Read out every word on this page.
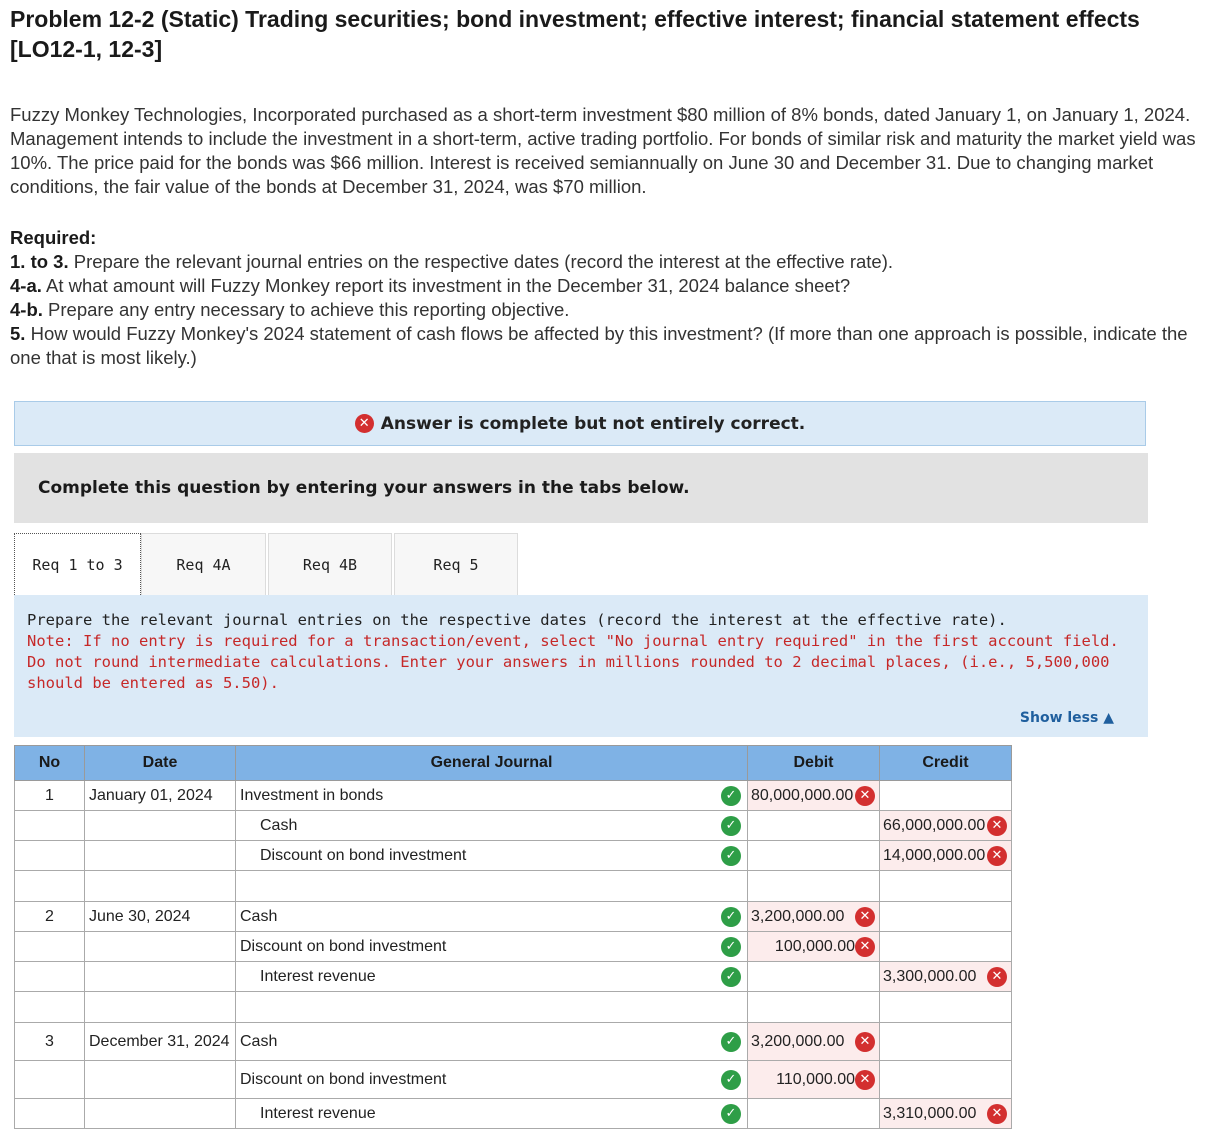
Problem 12-2 (Static) Trading securities; bond investment; effective interest; financial statement effects [LO12-1, 12-3]
Fuzzy Monkey Technologies, Incorporated purchased as a short-term investment $80 million of 8% bonds, dated January 1, on January 1, 2024. Management intends to include the investment in a short-term, active trading portfolio. For bonds of similar risk and maturity the market yield was 10%. The price paid for the bonds was $66 million. Interest is received semiannually on June 30 and December 31. Due to changing market conditions, the fair value of the bonds at December 31, 2024, was $70 million.
Required:
1. to 3. Prepare the relevant journal entries on the respective dates (record the interest at the effective rate).
4-a. At what amount will Fuzzy Monkey report its investment in the December 31, 2024 balance sheet?
4-b. Prepare any entry necessary to achieve this reporting objective.
5. How would Fuzzy Monkey's 2024 statement of cash flows be affected by this investment? (If more than one approach is possible, indicate the one that is most likely.)
✕ Answer is complete but not entirely correct.
Complete this question by entering your answers in the tabs below.
Req 1 to 3	Req 4A	Req 4B	Req 5
Prepare the relevant journal entries on the respective dates (record the interest at the effective rate).
Note: If no entry is required for a transaction/event, select "No journal entry required" in the first account field. Do not round intermediate calculations. Enter your answers in millions rounded to 2 decimal places, (i.e., 5,500,000 should be entered as 5.50).
Show less ▲
No	Date	General Journal	Debit	Credit
1	January 01, 2024	Investment in bonds ✓	80,000,000.00 ✕	

		Cash ✓		66,000,000.00 ✕

		Discount on bond investment ✓		14,000,000.00 ✕

2	June 30, 2024	Cash ✓	3,200,000.00 ✕	

		Discount on bond investment ✓	100,000.00 ✕	

		Interest revenue ✓		3,300,000.00 ✕

3	December 31, 2024	Cash ✓	3,200,000.00 ✕	

		Discount on bond investment ✓	110,000.00 ✕	

		Interest revenue ✓		3,310,000.00 ✕
